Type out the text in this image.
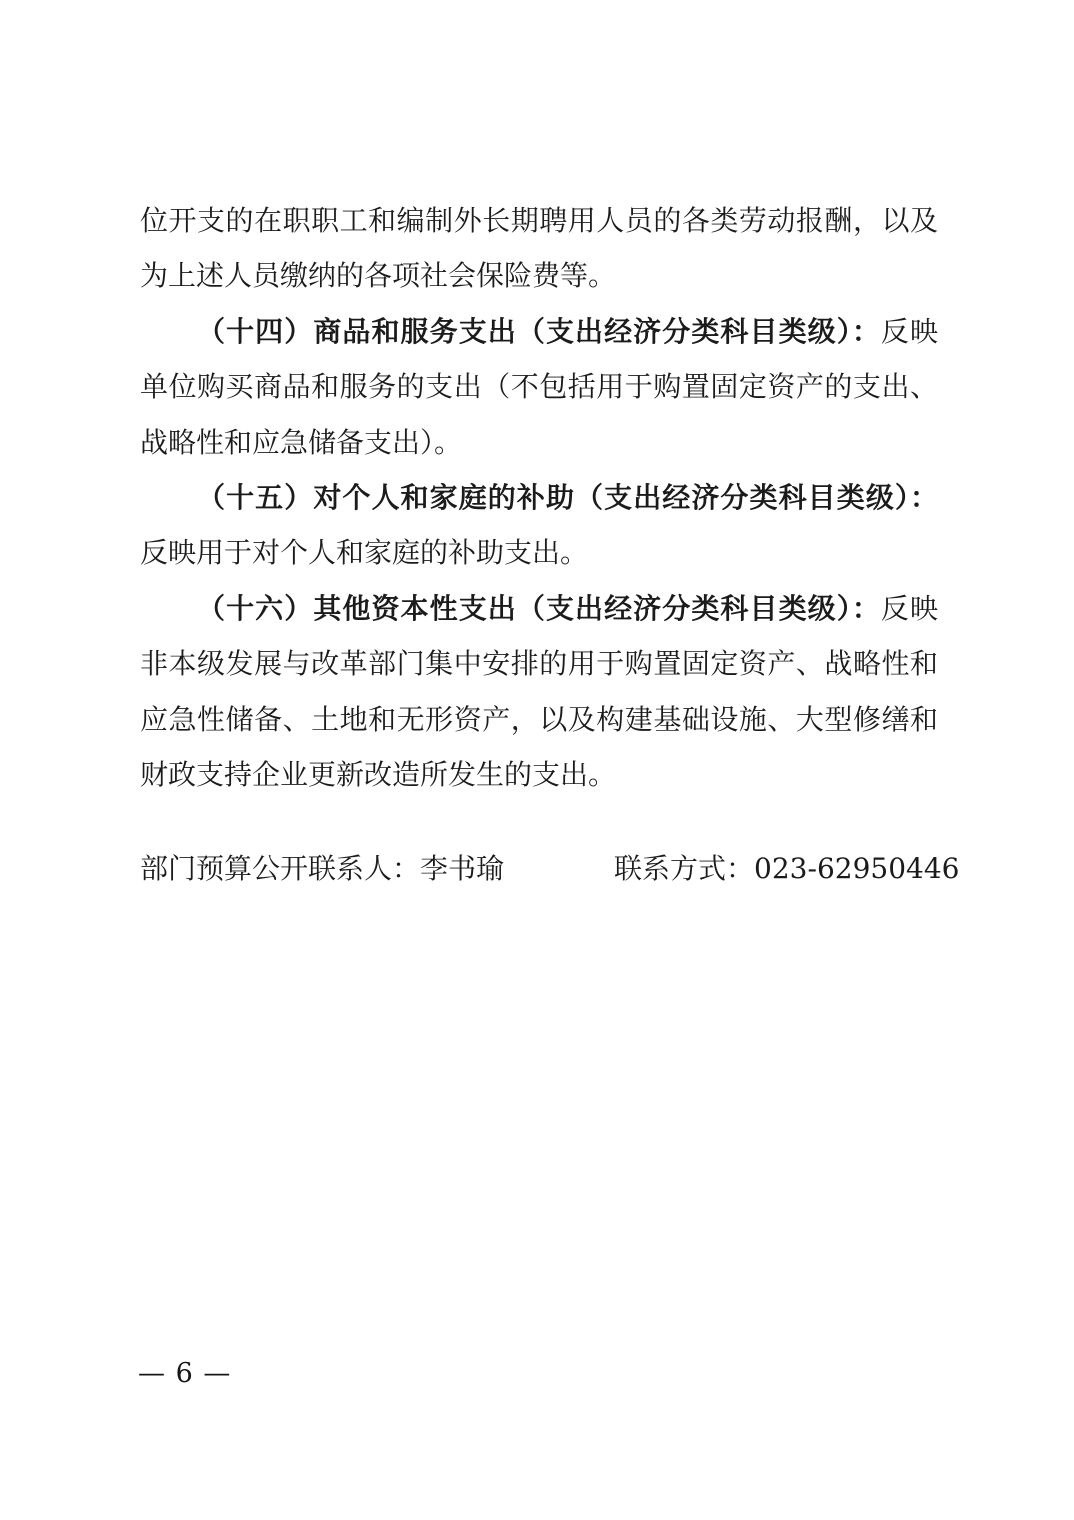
位开支的在职职工和编制外长期聘用人员的各类劳动报酬，以及
为上述人员缴纳的各项社会保险费等。
（十四）商品和服务支出（支出经济分类科目类级）：反映
单位购买商品和服务的支出（不包括用于购置固定资产的支出、
战略性和应急储备支出）。
（十五）对个人和家庭的补助（支出经济分类科目类级）：
反映用于对个人和家庭的补助支出。
（十六）其他资本性支出（支出经济分类科目类级）：反映
非本级发展与改革部门集中安排的用于购置固定资产、战略性和
应急性储备、土地和无形资产，以及构建基础设施、大型修缮和
财政支持企业更新改造所发生的支出。
部门预算公开联系人：李书瑜	联系方式：023-62950446
— 6 —
